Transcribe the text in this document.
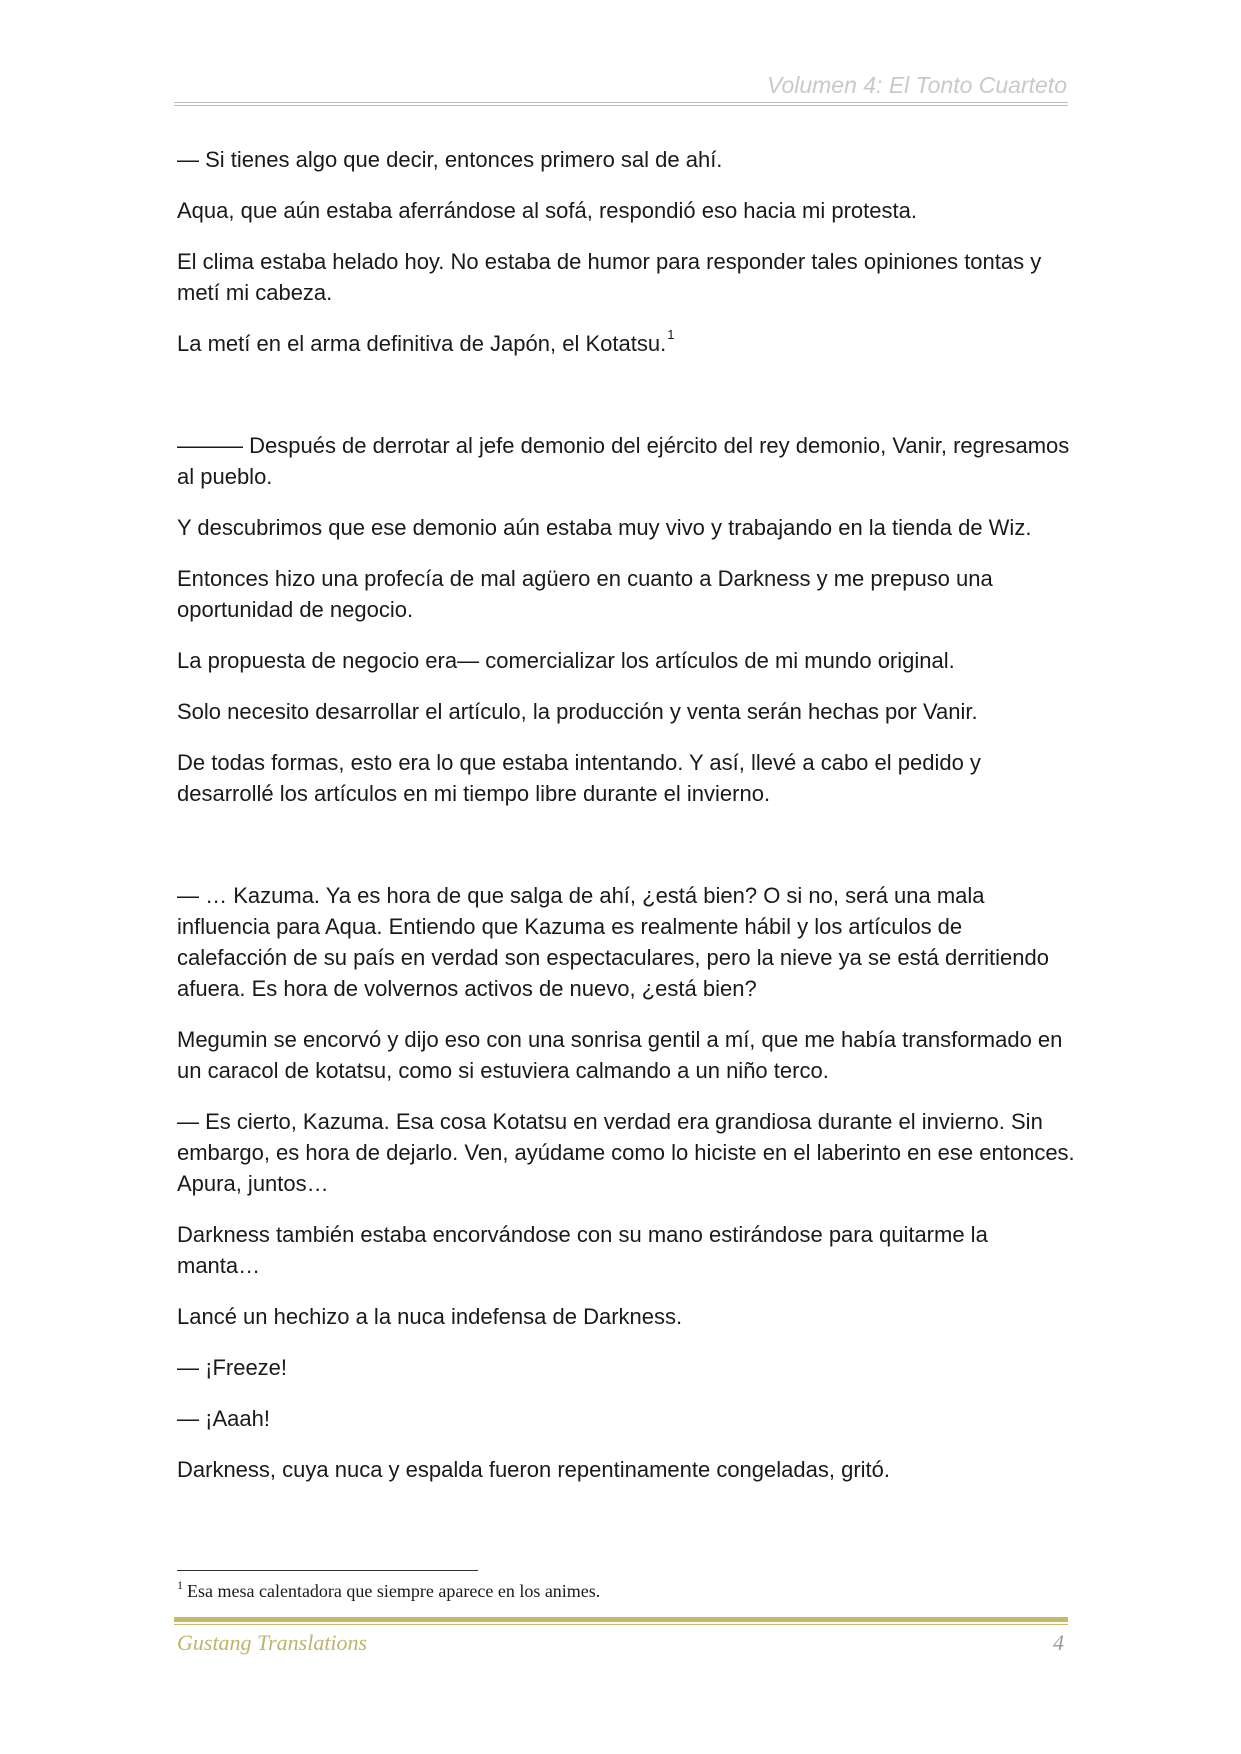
Volumen 4: El Tonto Cuarteto

— Si tienes algo que decir, entonces primero sal de ahí.

Aqua, que aún estaba aferrándose al sofá, respondió eso hacia mi protesta.

El clima estaba helado hoy. No estaba de humor para responder tales opiniones tontas y metí mi cabeza.

La metí en el arma definitiva de Japón, el Kotatsu.$^1$

——— Después de derrotar al jefe demonio del ejército del rey demonio, Vanir, regresamos al pueblo.

Y descubrimos que ese demonio aún estaba muy vivo y trabajando en la tienda de Wiz.

Entonces hizo una profecía de mal agüero en cuanto a Darkness y me prepuso una oportunidad de negocio.

La propuesta de negocio era— comercializar los artículos de mi mundo original.

Solo necesito desarrollar el artículo, la producción y venta serán hechas por Vanir.

De todas formas, esto era lo que estaba intentando. Y así, llevé a cabo el pedido y desarrollé los artículos en mi tiempo libre durante el invierno.

— … Kazuma. Ya es hora de que salga de ahí, ¿está bien? O si no, será una mala influencia para Aqua. Entiendo que Kazuma es realmente hábil y los artículos de calefacción de su país en verdad son espectaculares, pero la nieve ya se está derritiendo afuera. Es hora de volvernos activos de nuevo, ¿está bien?

Megumin se encorvó y dijo eso con una sonrisa gentil a mí, que me había transformado en un caracol de kotatsu, como si estuviera calmando a un niño terco.

— Es cierto, Kazuma. Esa cosa Kotatsu en verdad era grandiosa durante el invierno. Sin embargo, es hora de dejarlo. Ven, ayúdame como lo hiciste en el laberinto en ese entonces. Apura, juntos…

Darkness también estaba encorvándose con su mano estirándose para quitarme la manta…

Lancé un hechizo a la nuca indefensa de Darkness.

— ¡Freeze!

— ¡Aaah!

Darkness, cuya nuca y espalda fueron repentinamente congeladas, gritó.

$^1$ Esa mesa calentadora que siempre aparece en los animes.
Gustang Translations	4
